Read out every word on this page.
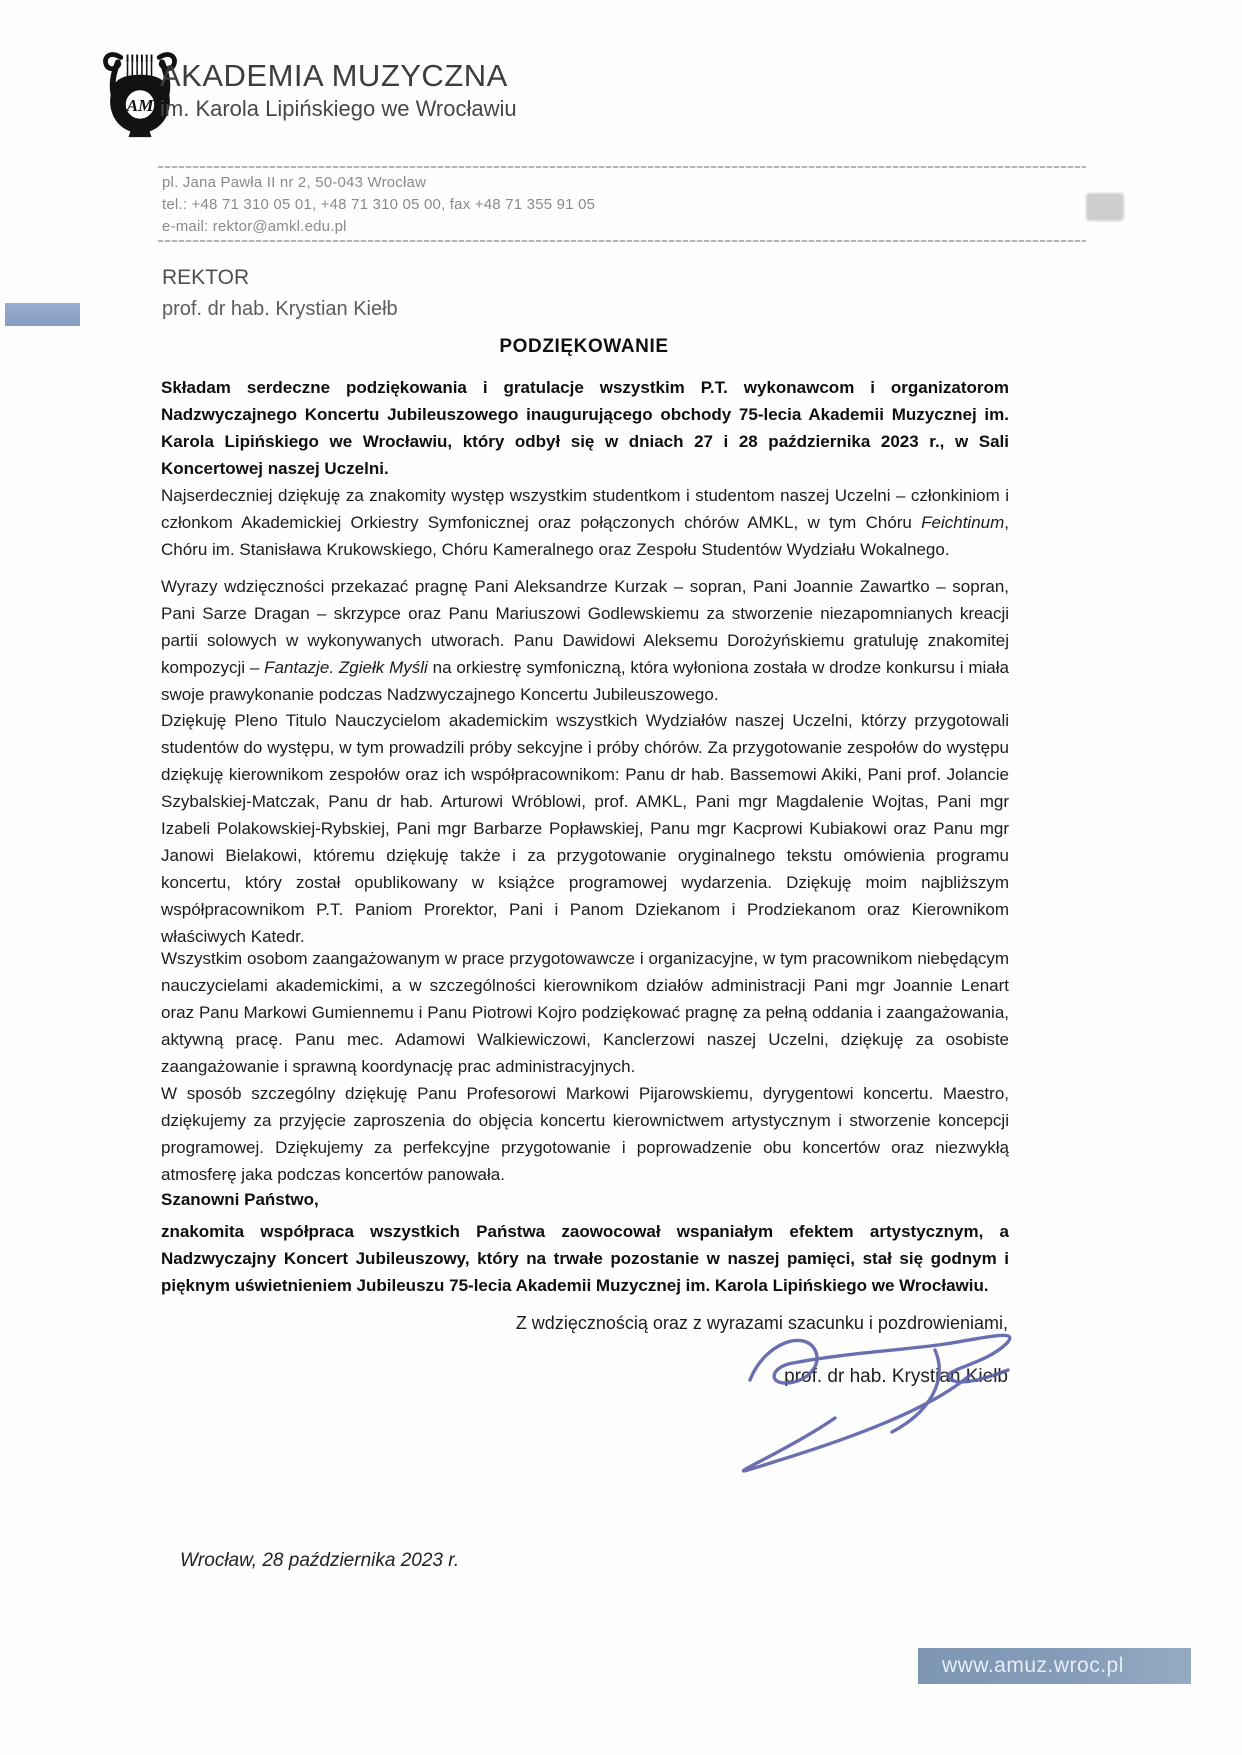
AM
AKADEMIA MUZYCZNA
im. Karola Lipińskiego we Wrocławiu
pl. Jana Pawła II nr 2, 50-043 Wrocław
tel.: +48 71 310 05 01, +48 71 310 05 00, fax +48 71 355 91 05
e-mail: rektor@amkl.edu.pl
REKTOR
prof. dr hab. Krystian Kiełb
PODZIĘKOWANIE

Składam serdeczne podziękowania i gratulacje wszystkim P.T. wykonawcom i organizatorom Nadzwyczajnego Koncertu Jubileuszowego inaugurującego obchody 75-lecia Akademii Muzycznej im. Karola Lipińskiego we Wrocławiu, który odbył się w dniach 27 i 28 października 2023 r., w Sali Koncertowej naszej Uczelni.

Najserdeczniej dziękuję za znakomity występ wszystkim studentkom i studentom naszej Uczelni – członkiniom i członkom Akademickiej Orkiestry Symfonicznej oraz połączonych chórów AMKL, w tym Chóru Feichtinum, Chóru im. Stanisława Krukowskiego, Chóru Kameralnego oraz Zespołu Studentów Wydziału Wokalnego.

Wyrazy wdzięczności przekazać pragnę Pani Aleksandrze Kurzak – sopran, Pani Joannie Zawartko – sopran, Pani Sarze Dragan – skrzypce oraz Panu Mariuszowi Godlewskiemu za stworzenie niezapomnianych kreacji partii solowych w wykonywanych utworach. Panu Dawidowi Aleksemu Dorożyńskiemu gratuluję znakomitej kompozycji – Fantazje. Zgiełk Myśli na orkiestrę symfoniczną, która wyłoniona została w drodze konkursu i miała swoje prawykonanie podczas Nadzwyczajnego Koncertu Jubileuszowego.

Dziękuję Pleno Titulo Nauczycielom akademickim wszystkich Wydziałów naszej Uczelni, którzy przygotowali studentów do występu, w tym prowadzili próby sekcyjne i próby chórów. Za przygotowanie zespołów do występu dziękuję kierownikom zespołów oraz ich współpracownikom: Panu dr hab. Bassemowi Akiki, Pani prof. Jolancie Szybalskiej-Matczak, Panu dr hab. Arturowi Wróblowi, prof. AMKL, Pani mgr Magdalenie Wojtas, Pani mgr Izabeli Polakowskiej-Rybskiej, Pani mgr Barbarze Popławskiej, Panu mgr Kacprowi Kubiakowi oraz Panu mgr Janowi Bielakowi, któremu dziękuję także i za przygotowanie oryginalnego tekstu omówienia programu koncertu, który został opublikowany w książce programowej wydarzenia. Dziękuję moim najbliższym współpracownikom P.T. Paniom Prorektor, Pani i Panom Dziekanom i Prodziekanom oraz Kierownikom właściwych Katedr.

Wszystkim osobom zaangażowanym w prace przygotowawcze i organizacyjne, w tym pracownikom niebędącym nauczycielami akademickimi, a w szczególności kierownikom działów administracji Pani mgr Joannie Lenart oraz Panu Markowi Gumiennemu i Panu Piotrowi Kojro podziękować pragnę za pełną oddania i zaangażowania, aktywną pracę. Panu mec. Adamowi Walkiewiczowi, Kanclerzowi naszej Uczelni, dziękuję za osobiste zaangażowanie i sprawną koordynację prac administracyjnych.

W sposób szczególny dziękuję Panu Profesorowi Markowi Pijarowskiemu, dyrygentowi koncertu. Maestro, dziękujemy za przyjęcie zaproszenia do objęcia koncertu kierownictwem artystycznym i stworzenie koncepcji programowej. Dziękujemy za perfekcyjne przygotowanie i poprowadzenie obu koncertów oraz niezwykłą atmosferę jaka podczas koncertów panowała.

Szanowni Państwo,

znakomita współpraca wszystkich Państwa zaowocował wspaniałym efektem artystycznym, a Nadzwyczajny Koncert Jubileuszowy, który na trwałe pozostanie w naszej pamięci, stał się godnym i pięknym uświetnieniem Jubileuszu 75-lecia Akademii Muzycznej im. Karola Lipińskiego we Wrocławiu.

Z wdzięcznością oraz z wyrazami szacunku i pozdrowieniami,
prof. dr hab. Krystian Kiełb
Wrocław, 28 października 2023 r.
www.amuz.wroc.pl
